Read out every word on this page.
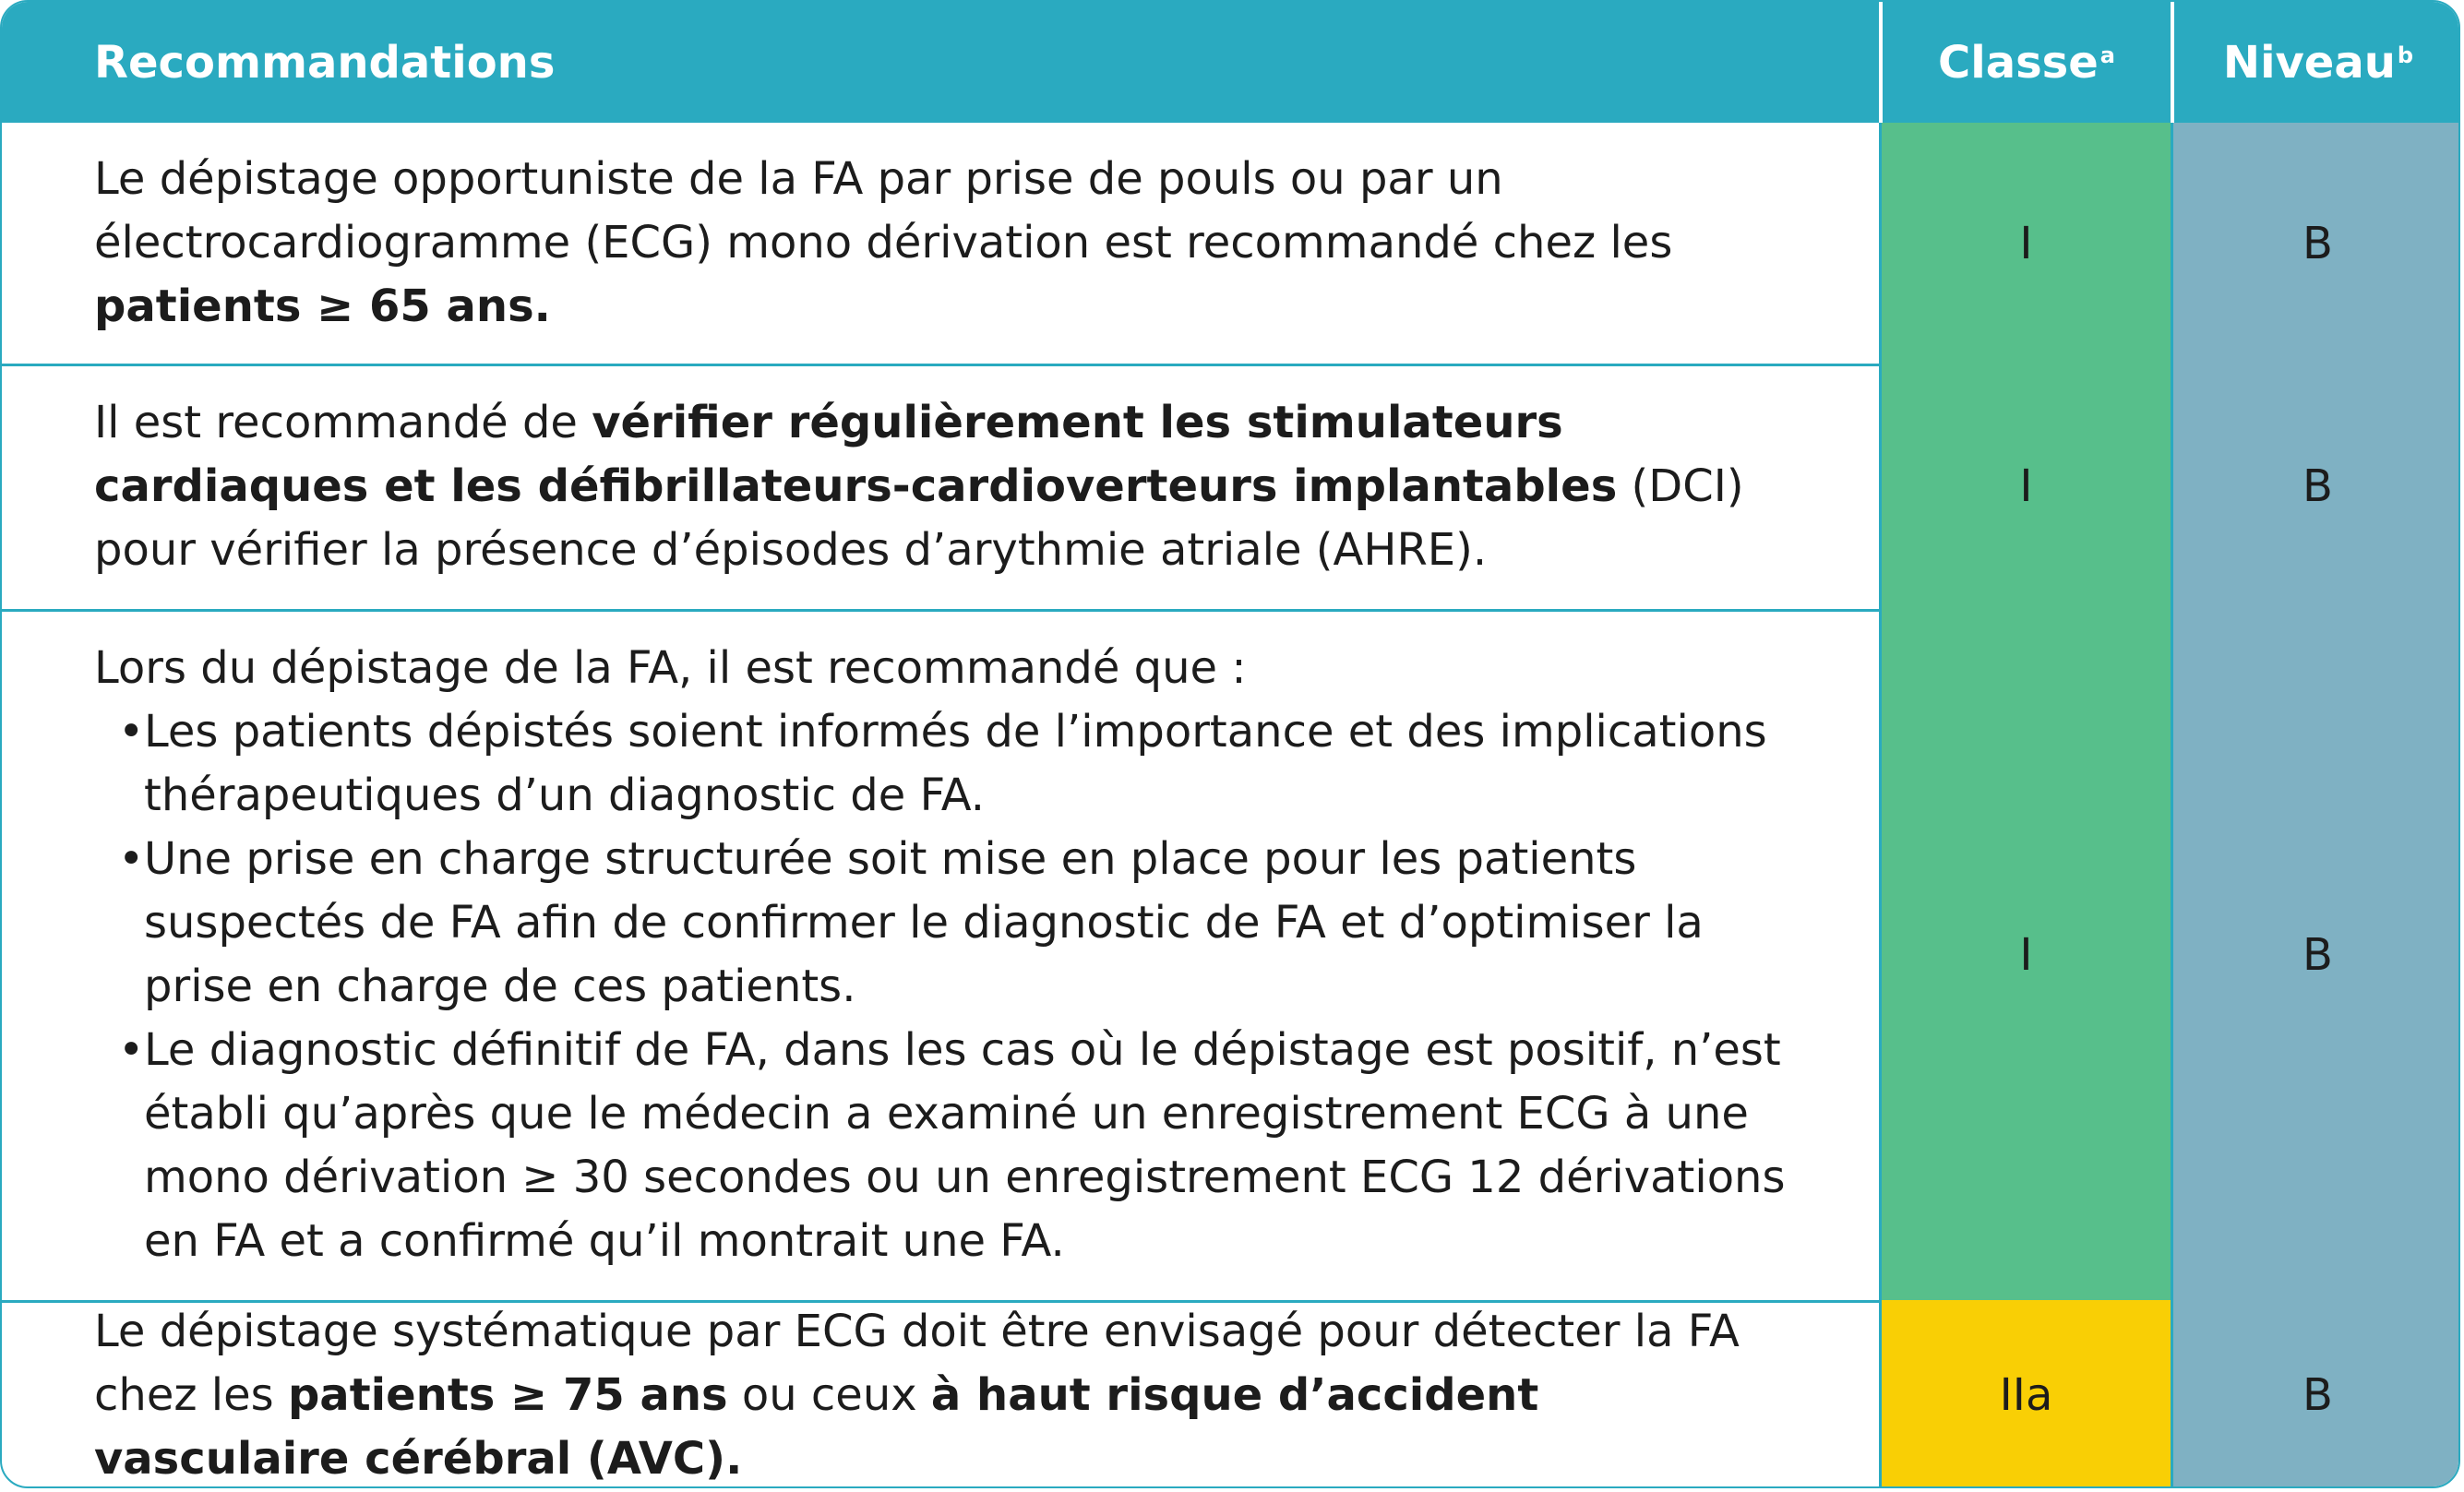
Recommandations	Classe$^a$ Niveau$^b$
Le dépistage opportuniste de la FA par prise de pouls ou par un électrocardiogramme (ECG) mono dérivation est recommandé chez les patients ≥ 65 ans.
I	B
Il est recommandé de vérifier régulièrement les stimulateurs cardiaques et les défibrillateurs-cardioverteurs implantables (DCI) pour vérifier la présence d’épisodes d’arythmie atriale (AHRE).
I	B
Lors du dépistage de la FA, il est recommandé que :
• Les patients dépistés soient informés de l’importance et des implications thérapeutiques d’un diagnostic de FA.
• Une prise en charge structurée soit mise en place pour les patients suspectés de FA afin de confirmer le diagnostic de FA et d’optimiser la prise en charge de ces patients.
• Le diagnostic définitif de FA, dans les cas où le dépistage est positif, n’est établi qu’après que le médecin a examiné un enregistrement ECG à une mono dérivation ≥ 30 secondes ou un enregistrement ECG 12 dérivations en FA et a confirmé qu’il montrait une FA.
I	B
Le dépistage systématique par ECG doit être envisagé pour détecter la FA chez les patients ≥ 75 ans ou ceux à haut risque d’accident vasculaire cérébral (AVC).
IIa	B
